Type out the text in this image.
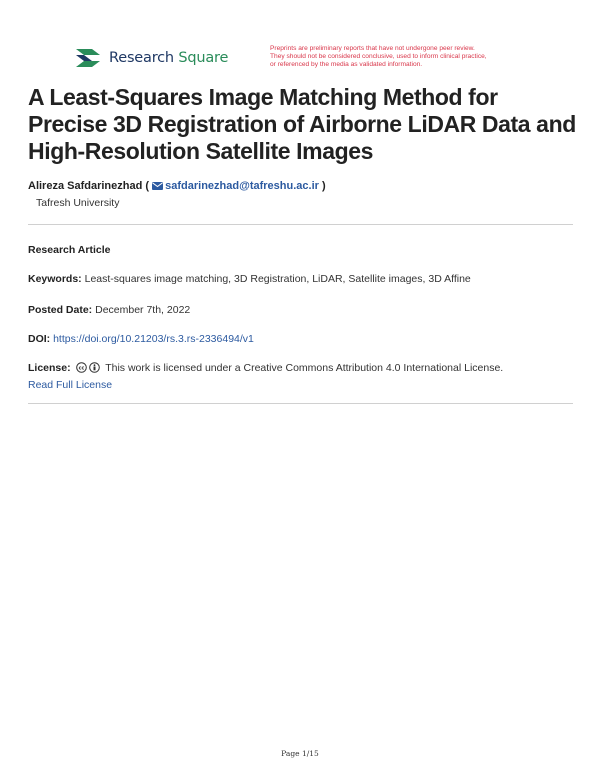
Research Square

Preprints are preliminary reports that have not undergone peer review.
They should not be considered conclusive, used to inform clinical practice,
or referenced by the media as validated information.

A Least-Squares Image Matching Method for
Precise 3D Registration of Airborne LiDAR Data and
High-Resolution Satellite Images
Alireza Safdarinezhad ( safdarinezhad@tafreshu.ac.ir )
Tafresh University
Research Article
Keywords: Least-squares image matching, 3D Registration, LiDAR, Satellite images, 3D Affine
Posted Date: December 7th, 2022
DOI: https://doi.org/10.21203/rs.3.rs-2336494/v1
License: cc This work is licensed under a Creative Commons Attribution 4.0 International License.
Read Full License
Page 1/15
